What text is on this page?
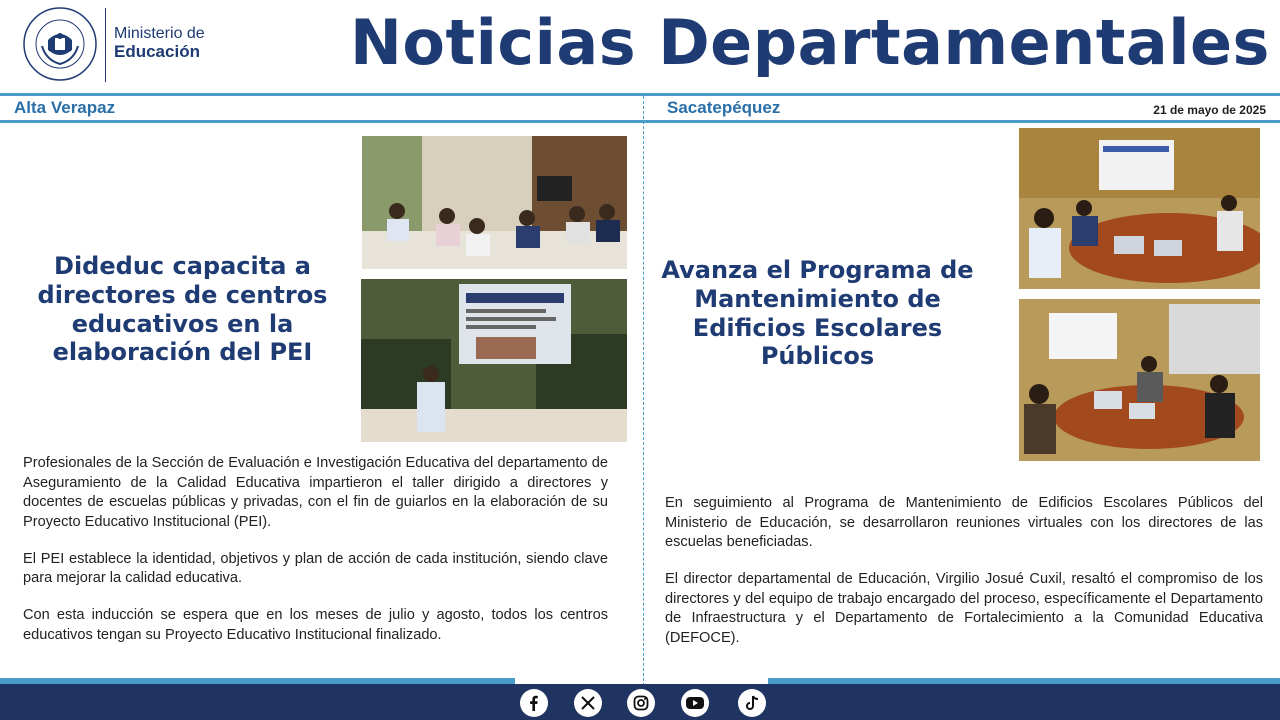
Ministerio de
Educación Noticias Departamentales
Alta Verapaz	Sacatepéquez	21 de mayo de 2025
Dideduc capacita a directores de centros educativos en la elaboración del PEI

Profesionales de la Sección de Evaluación e Investigación Educativa del departamento de Aseguramiento de la Calidad Educativa impartieron el taller dirigido a directores y docentes de escuelas públicas y privadas, con el fin de guiarlos en la elaboración de su Proyecto Educativo Institucional (PEI).

El PEI establece la identidad, objetivos y plan de acción de cada institución, siendo clave para mejorar la calidad educativa.

Con esta inducción se espera que en los meses de julio y agosto, todos los centros educativos tengan su Proyecto Educativo Institucional finalizado.

Avanza el Programa de Mantenimiento de Edificios Escolares Públicos

En seguimiento al Programa de Mantenimiento de Edificios Escolares Públicos del Ministerio de Educación, se desarrollaron reuniones virtuales con los directores de las escuelas beneficiadas.

El director departamental de Educación, Virgilio Josué Cuxil, resaltó el compromiso de los directores y del equipo de trabajo encargado del proceso, específicamente el Departamento de Infraestructura y el Departamento de Fortalecimiento a la Comunidad Educativa (DEFOCE).
